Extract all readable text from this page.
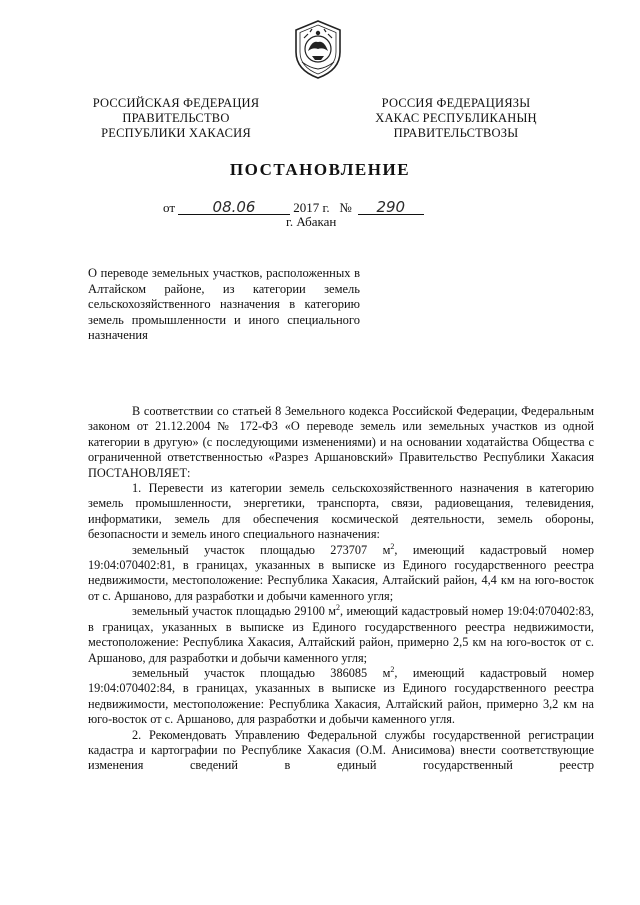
РОССИЙСКАЯ ФЕДЕРАЦИЯ
ПРАВИТЕЛЬСТВО
РЕСПУБЛИКИ ХАКАСИЯ
РОССИЯ ФЕДЕРАЦИЯЗЫ
ХАКАС РЕСПУБЛИКАНЫҢ
ПРАВИТЕЛЬСТВОЗЫ
ПОСТАНОВЛЕНИЕ
от	08.06	2017 г. № 290
г. Абакан
О переводе земельных участков, расположенных в Алтайском районе, из категории земель сельскохозяйственного назначения в категорию земель промышленности и иного специального назначения

В соответствии со статьей 8 Земельного кодекса Российской Федерации, Федеральным законом от 21.12.2004 № 172-ФЗ «О переводе земель или земельных участков из одной категории в другую» (с последующими изменениями) и на основании ходатайства Общества с ограниченной ответственностью «Разрез Аршановский» Правительство Республики Хакасия ПОСТАНОВЛЯЕТ:

1. Перевести из категории земель сельскохозяйственного назначения в категорию земель промышленности, энергетики, транспорта, связи, радиовещания, телевидения, информатики, земель для обеспечения космической деятельности, земель обороны, безопасности и земель иного специального назначения:

земельный участок площадью 273707 $м^2$, имеющий кадастровый номер 19:04:070402:81, в границах, указанных в выписке из Единого государственного реестра недвижимости, местоположение: Республика Хакасия, Алтайский район, 4,4 км на юго-восток от с. Аршаново, для разработки и добычи каменного угля;

земельный участок площадью 29100 $м^2$, имеющий кадастровый номер 19:04:070402:83, в границах, указанных в выписке из Единого государственного реестра недвижимости, местоположение: Республика Хакасия, Алтайский район, примерно 2,5 км на юго-восток от с. Аршаново, для разработки и добычи каменного угля;

земельный участок площадью 386085 $м^2$, имеющий кадастровый номер 19:04:070402:84, в границах, указанных в выписке из Единого государственного реестра недвижимости, местоположение: Республика Хакасия, Алтайский район, примерно 3,2 км на юго-восток от с. Аршаново, для разработки и добычи каменного угля.

2. Рекомендовать Управлению Федеральной службы государственной регистрации кадастра и картографии по Республике Хакасия (О.М. Анисимова) внести соответствующие изменения сведений в единый государственный реестр
